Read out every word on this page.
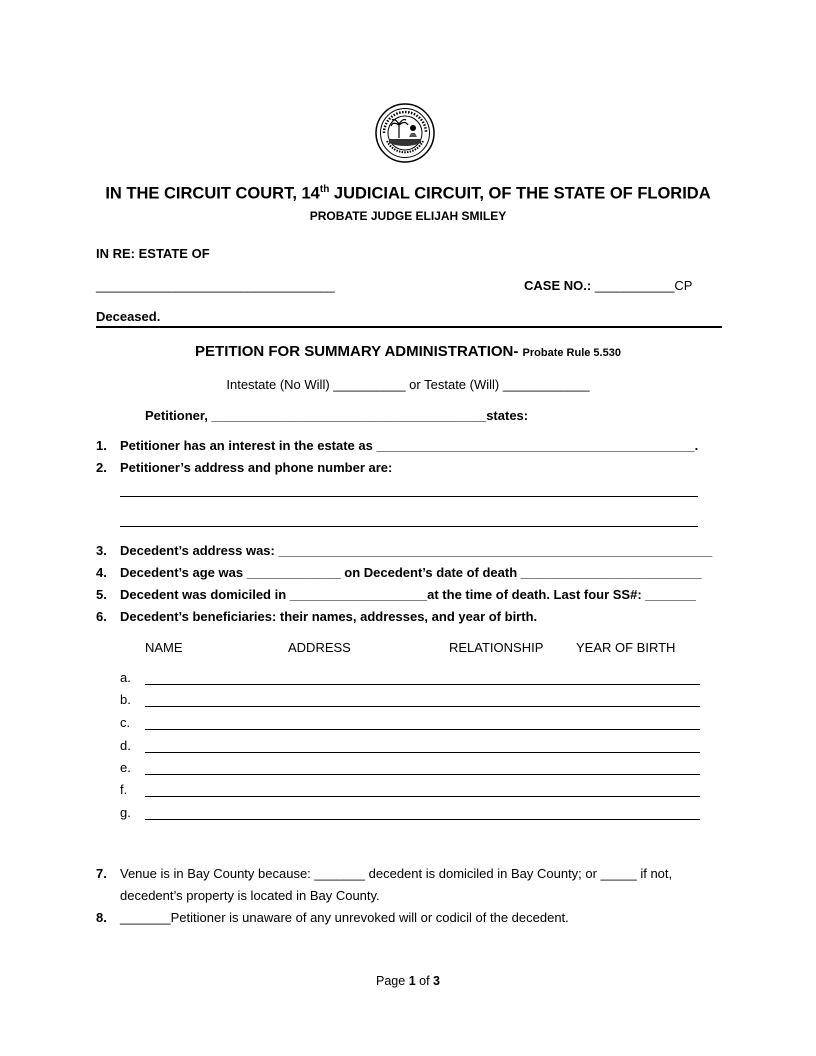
IN THE CIRCUIT COURT, 14th JUDICIAL CIRCUIT, OF THE STATE OF FLORIDA
PROBATE JUDGE ELIJAH SMILEY
IN RE: ESTATE OF
_________________________________	CASE NO.: ___________CP
Deceased.
PETITION FOR SUMMARY ADMINISTRATION- Probate Rule 5.530
Intestate (No Will) __________ or Testate (Will) ____________
Petitioner, ______________________________________states:
1. Petitioner has an interest in the estate as ____________________________________________.
2. Petitioner’s address and phone number are:
3. Decedent’s address was: ____________________________________________________________
4. Decedent’s age was _____________ on Decedent’s date of death _________________________
5. Decedent was domiciled in ___________________at the time of death. Last four SS#: _______
6. Decedent’s beneficiaries: their names, addresses, and year of birth.
NAME	ADDRESS	RELATIONSHIP	YEAR OF BIRTH
a.
b.
c.
d.
e.
f.
g.
7. Venue is in Bay County because: _______ decedent is domiciled in Bay County; or _____ if not,
decedent’s property is located in Bay County.
8. _______Petitioner is unaware of any unrevoked will or codicil of the decedent.
Page 1 of 3
